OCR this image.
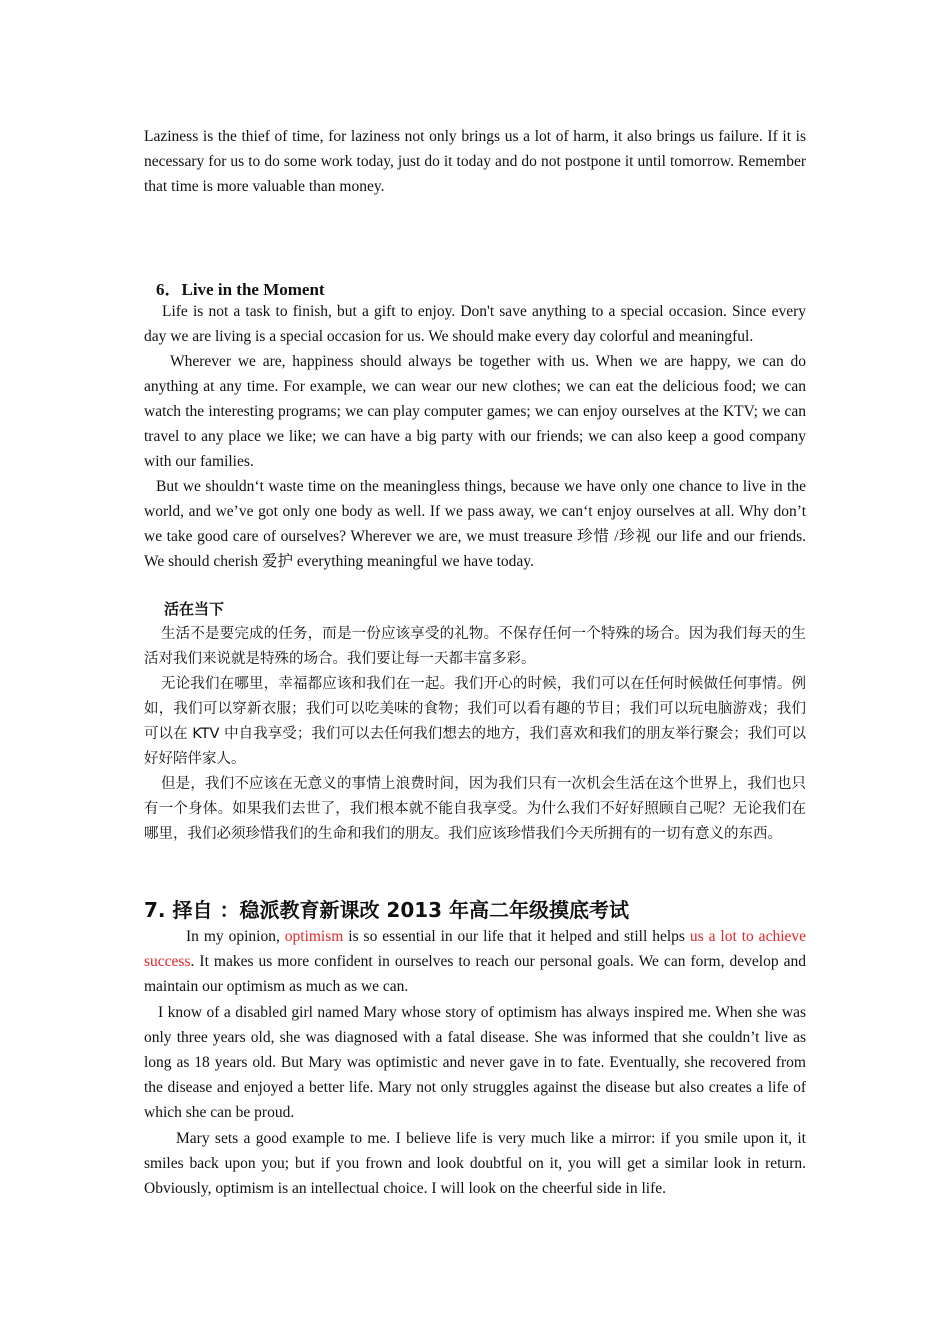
Laziness is the thief of time, for laziness not only brings us a lot of harm, it also brings us failure. If it is necessary for us to do some work today, just do it today and do not postpone it until tomorrow. Remember that time is more valuable than money.

6．Live in the Moment

Life is not a task to finish, but a gift to enjoy. Don't save anything to a special occasion. Since every day we are living is a special occasion for us. We should make every day colorful and meaningful.

Wherever we are, happiness should always be together with us. When we are happy, we can do anything at any time. For example, we can wear our new clothes; we can eat the delicious food; we can watch the interesting programs; we can play computer games; we can enjoy ourselves at the KTV; we can travel to any place we like; we can have a big party with our friends; we can also keep a good company with our families.

But we shouldn‘t waste time on the meaningless things, because we have only one chance to live in the world, and we’ve got only one body as well. If we pass away, we can‘t enjoy ourselves at all. Why don’t we take good care of ourselves? Wherever we are, we must treasure 珍惜 /珍视 our life and our friends. We should cherish 爱护 everything meaningful we have today.

活在当下

生活不是要完成的任务，而是一份应该享受的礼物。不保存任何一个特殊的场合。因为我们每天的生活对我们来说就是特殊的场合。我们要让每一天都丰富多彩。

无论我们在哪里，幸福都应该和我们在一起。我们开心的时候，我们可以在任何时候做任何事情。例如，我们可以穿新衣服；我们可以吃美味的食物；我们可以看有趣的节目；我们可以玩电脑游戏；我们可以在 KTV 中自我享受；我们可以去任何我们想去的地方，我们喜欢和我们的朋友举行聚会；我们可以好好陪伴家人。

但是，我们不应该在无意义的事情上浪费时间，因为我们只有一次机会生活在这个世界上，我们也只有一个身体。如果我们去世了，我们根本就不能自我享受。为什么我们不好好照顾自己呢？无论我们在哪里，我们必须珍惜我们的生命和我们的朋友。我们应该珍惜我们今天所拥有的一切有意义的东西。

7. 择自 ：稳派教育新课改 2013 年高二年级摸底考试

In my opinion, optimism is so essential in our life that it helped and still helps us a lot to achieve success. It makes us more confident in ourselves to reach our personal goals. We can form, develop and maintain our optimism as much as we can.

I know of a disabled girl named Mary whose story of optimism has always inspired me. When she was only three years old, she was diagnosed with a fatal disease. She was informed that she couldn’t live as long as 18 years old. But Mary was optimistic and never gave in to fate. Eventually, she recovered from the disease and enjoyed a better life. Mary not only struggles against the disease but also creates a life of which she can be proud.

Mary sets a good example to me. I believe life is very much like a mirror: if you smile upon it, it smiles back upon you; but if you frown and look doubtful on it, you will get a similar look in return. Obviously, optimism is an intellectual choice. I will look on the cheerful side in life.
